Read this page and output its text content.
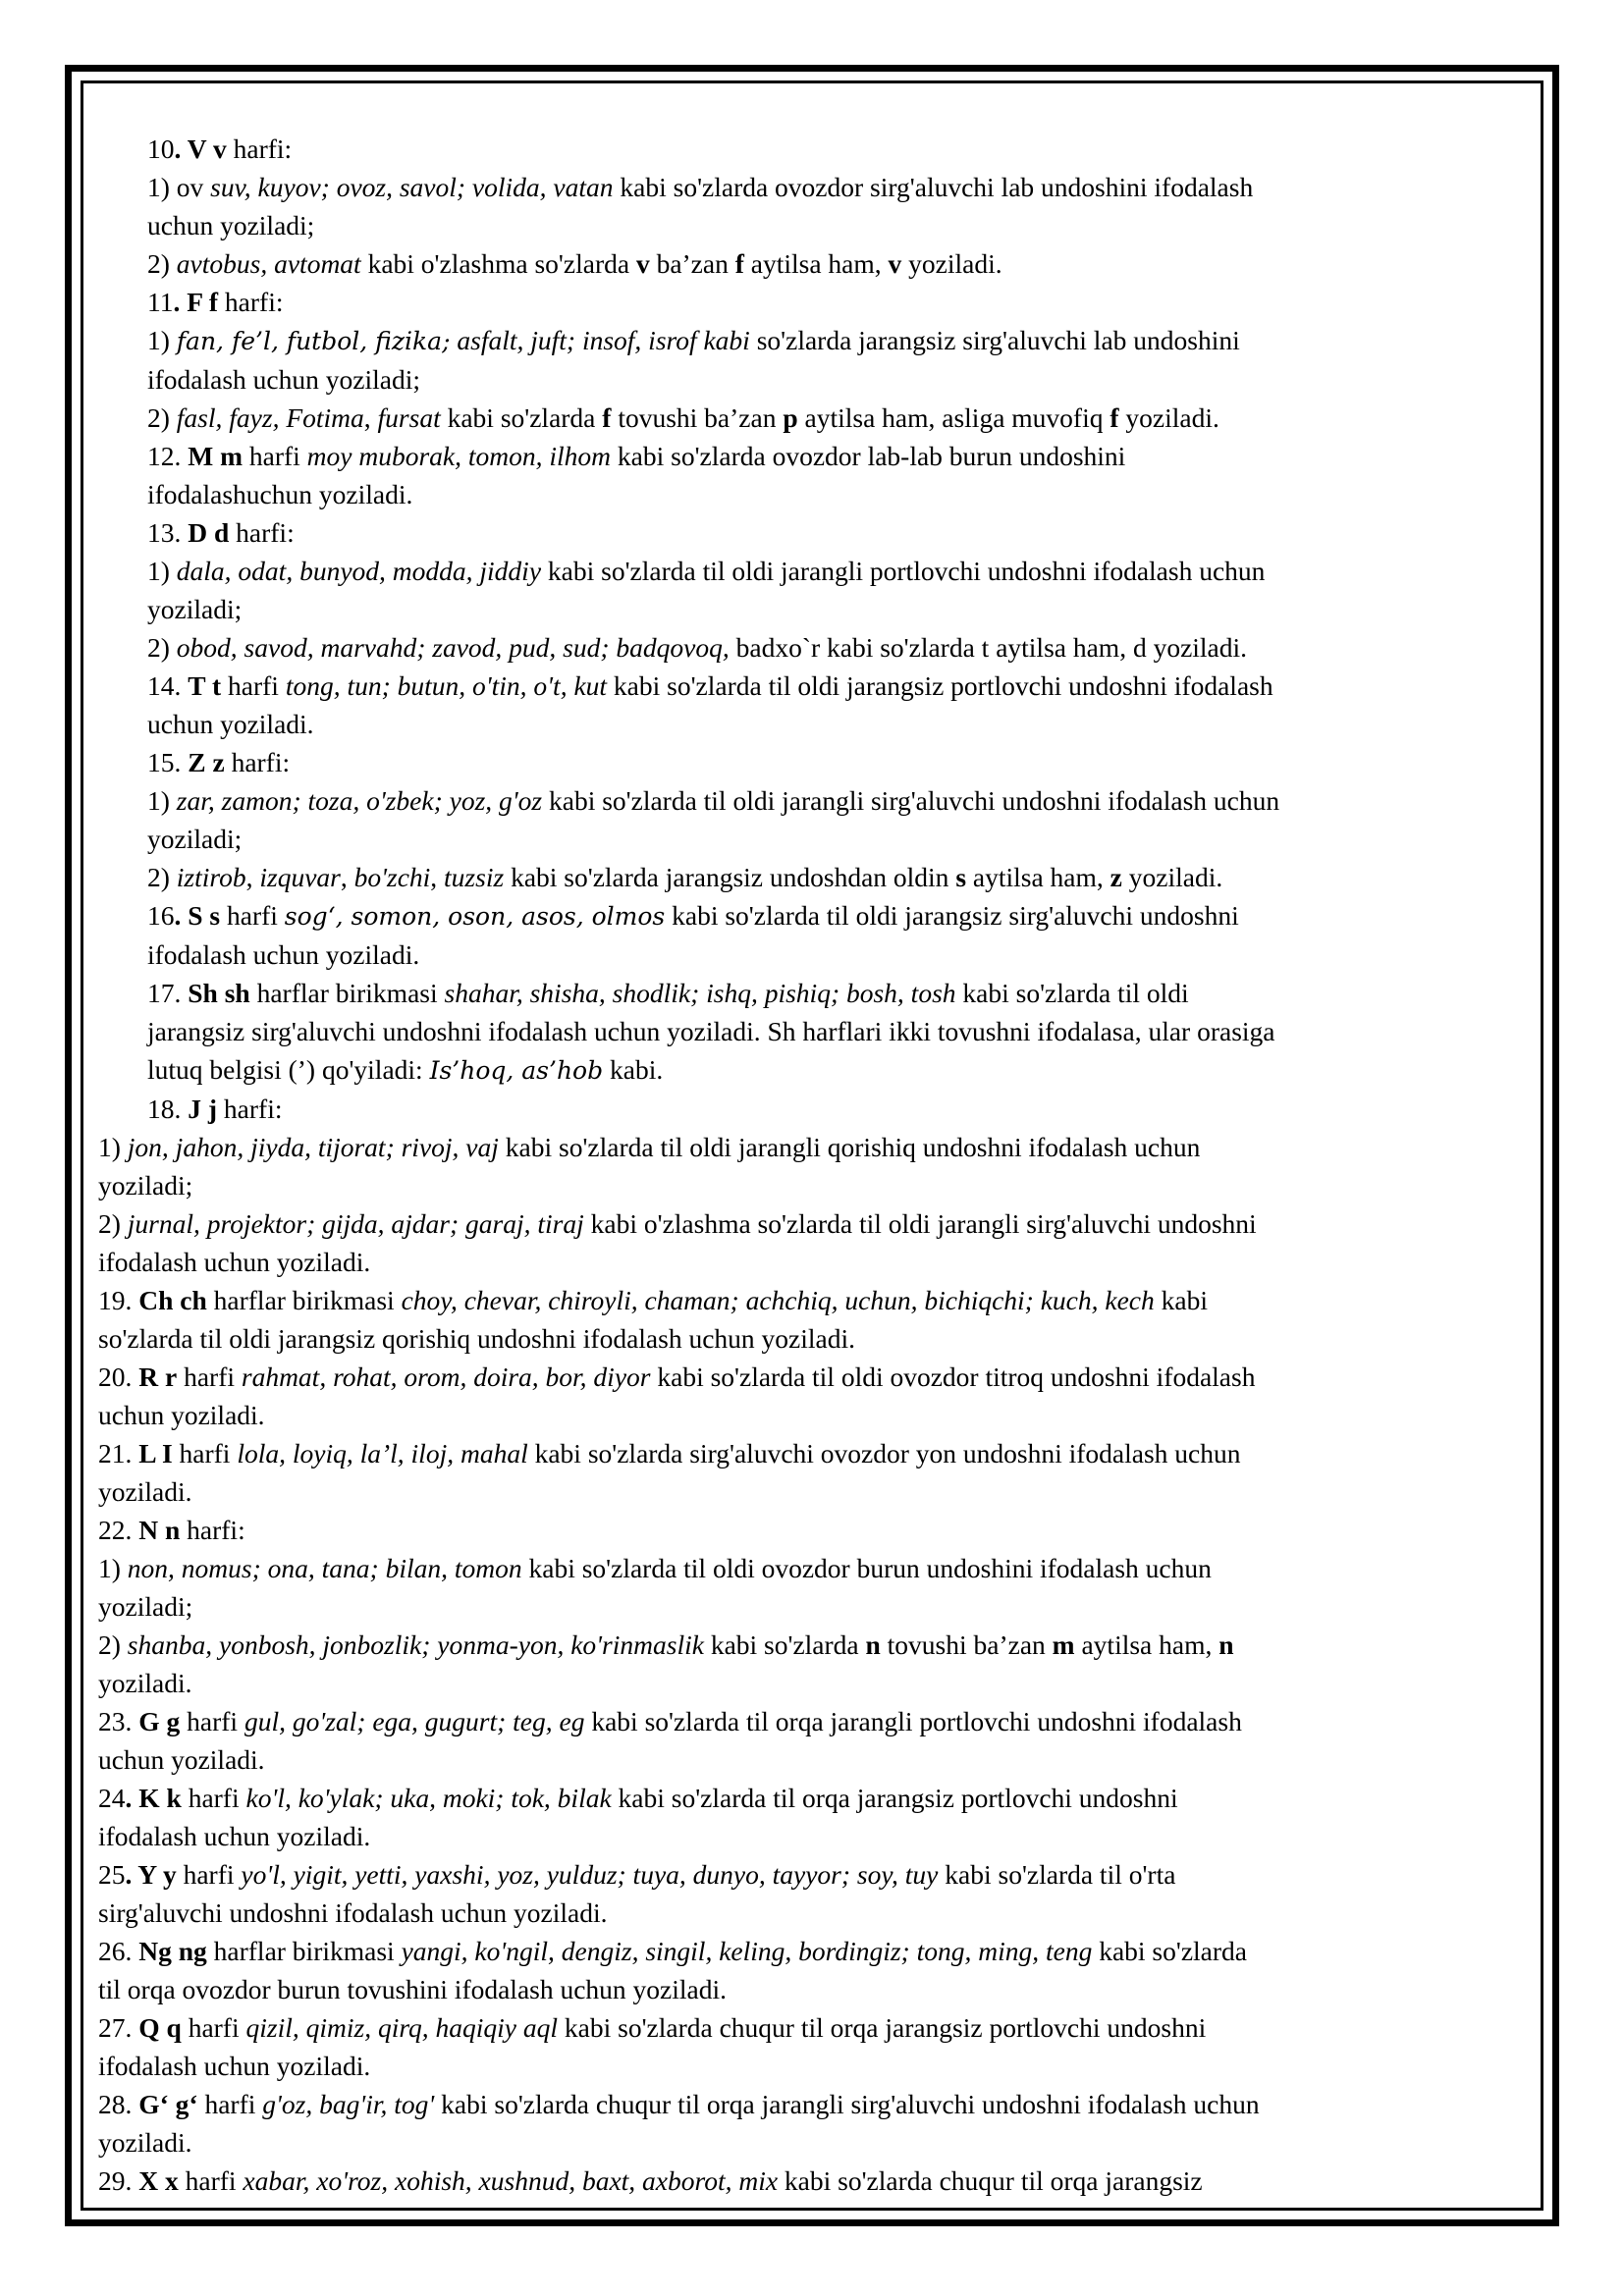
10. V v harfi:
1) ov suv, kuyov; ovoz, savol; volida, vatan kabi so'zlarda ovozdor sirg'aluvchi lab undoshini ifodalash
uchun yoziladi;
2) avtobus, avtomat kabi o'zlashma so'zlarda v ba’zan f aytilsa ham, v yoziladi.
11. F f harfi:
1) fan, fe’l, futbol, fizika; asfalt, juft; insof, isrof kabi so'zlarda jarangsiz sirg'aluvchi lab undoshini
ifodalash uchun yoziladi;
2) fasl, fayz, Fotima, fursat kabi so'zlarda f tovushi ba’zan p aytilsa ham, asliga muvofiq f yoziladi.
12. M m harfi moy muborak, tomon, ilhom kabi so'zlarda ovozdor lab-lab burun undoshini
ifodalashuchun yoziladi.
13. D d harfi:
1) dala, odat, bunyod, modda, jiddiy kabi so'zlarda til oldi jarangli portlovchi undoshni ifodalash uchun
yoziladi;
2) obod, savod, marvahd; zavod, pud, sud; badqovoq, badxo`r kabi so'zlarda t aytilsa ham, d yoziladi.
14. T t harfi tong, tun; butun, o'tin, o't, kut kabi so'zlarda til oldi jarangsiz portlovchi undoshni ifodalash
uchun yoziladi.
15. Z z harfi:
1) zar, zamon; toza, o'zbek; yoz, g'oz kabi so'zlarda til oldi jarangli sirg'aluvchi undoshni ifodalash uchun
yoziladi;
2) iztirob, izquvar, bo'zchi, tuzsiz kabi so'zlarda jarangsiz undoshdan oldin s aytilsa ham, z yoziladi.
16. S s harfi sog‘, somon, oson, asos, olmos kabi so'zlarda til oldi jarangsiz sirg'aluvchi undoshni
ifodalash uchun yoziladi.
17. Sh sh harflar birikmasi shahar, shisha, shodlik; ishq, pishiq; bosh, tosh kabi so'zlarda til oldi
jarangsiz sirg'aluvchi undoshni ifodalash uchun yoziladi. Sh harflari ikki tovushni ifodalasa, ular orasiga
lutuq belgisi (’) qo'yiladi: Is’hoq, as’hob kabi.
18. J j harfi:
1) jon, jahon, jiyda, tijorat; rivoj, vaj kabi so'zlarda til oldi jarangli qorishiq undoshni ifodalash uchun
yoziladi;
2) jurnal, projektor; gijda, ajdar; garaj, tiraj kabi o'zlashma so'zlarda til oldi jarangli sirg'aluvchi undoshni
ifodalash uchun yoziladi.
19. Ch ch harflar birikmasi choy, chevar, chiroyli, chaman; achchiq, uchun, bichiqchi; kuch, kech kabi
so'zlarda til oldi jarangsiz qorishiq undoshni ifodalash uchun yoziladi.
20. R r harfi rahmat, rohat, orom, doira, bor, diyor kabi so'zlarda til oldi ovozdor titroq undoshni ifodalash
uchun yoziladi.
21. L I harfi lola, loyiq, la’l, iloj, mahal kabi so'zlarda sirg'aluvchi ovozdor yon undoshni ifodalash uchun
yoziladi.
22. N n harfi:
1) non, nomus; ona, tana; bilan, tomon kabi so'zlarda til oldi ovozdor burun undoshini ifodalash uchun
yoziladi;
2) shanba, yonbosh, jonbozlik; yonma-yon, ko'rinmaslik kabi so'zlarda n tovushi ba’zan m aytilsa ham, n
yoziladi.
23. G g harfi gul, go'zal; ega, gugurt; teg, eg kabi so'zlarda til orqa jarangli portlovchi undoshni ifodalash
uchun yoziladi.
24. K k harfi ko'l, ko'ylak; uka, moki; tok, bilak kabi so'zlarda til orqa jarangsiz portlovchi undoshni
ifodalash uchun yoziladi.
25. Y y harfi yo'l, yigit, yetti, yaxshi, yoz, yulduz; tuya, dunyo, tayyor; soy, tuy kabi so'zlarda til o'rta
sirg'aluvchi undoshni ifodalash uchun yoziladi.
26. Ng ng harflar birikmasi yangi, ko'ngil, dengiz, singil, keling, bordingiz; tong, ming, teng kabi so'zlarda
til orqa ovozdor burun tovushini ifodalash uchun yoziladi.
27. Q q harfi qizil, qimiz, qirq, haqiqiy aql kabi so'zlarda chuqur til orqa jarangsiz portlovchi undoshni
ifodalash uchun yoziladi.
28. G‘ g‘ harfi g'oz, bag'ir, tog' kabi so'zlarda chuqur til orqa jarangli sirg'aluvchi undoshni ifodalash uchun
yoziladi.
29. X x harfi xabar, xo'roz, xohish, xushnud, baxt, axborot, mix kabi so'zlarda chuqur til orqa jarangsiz
